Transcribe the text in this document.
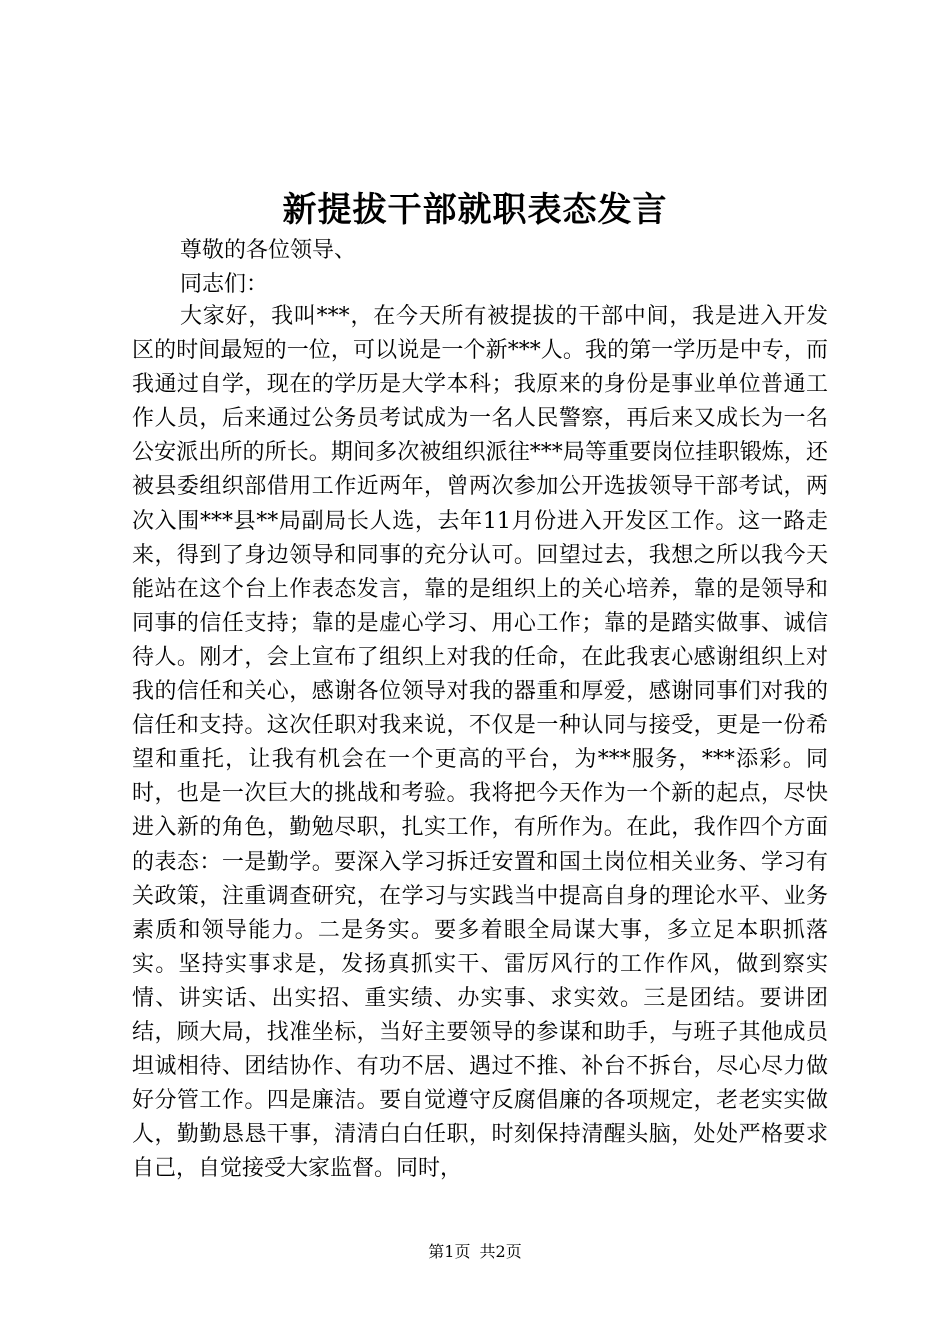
新提拔干部就职表态发言
尊敬的各位领导、
同志们：
大家好，我叫***，在今天所有被提拔的干部中间，我是进入开发区的时间最短的一位，可以说是一个新***人。我的第一学历是中专，而我通过自学，现在的学历是大学本科；我原来的身份是事业单位普通工作人员，后来通过公务员考试成为一名人民警察，再后来又成长为一名公安派出所的所长。期间多次被组织派往***局等重要岗位挂职锻炼，还被县委组织部借用工作近两年，曾两次参加公开选拔领导干部考试，两次入围***县**局副局长人选，去年11月份进入开发区工作。这一路走来，得到了身边领导和同事的充分认可。回望过去，我想之所以我今天能站在这个台上作表态发言，靠的是组织上的关心培养，靠的是领导和同事的信任支持；靠的是虚心学习、用心工作；靠的是踏实做事、诚信待人。刚才，会上宣布了组织上对我的任命，在此我衷心感谢组织上对我的信任和关心，感谢各位领导对我的器重和厚爱，感谢同事们对我的信任和支持。这次任职对我来说，不仅是一种认同与接受，更是一份希望和重托，让我有机会在一个更高的平台，为***服务，***添彩。同时，也是一次巨大的挑战和考验。我将把今天作为一个新的起点，尽快进入新的角色，勤勉尽职，扎实工作，有所作为。在此，我作四个方面的表态：一是勤学。要深入学习拆迁安置和国土岗位相关业务、学习有关政策，注重调查研究，在学习与实践当中提高自身的理论水平、业务素质和领导能力。二是务实。要多着眼全局谋大事，多立足本职抓落实。坚持实事求是，发扬真抓实干、雷厉风行的工作作风，做到察实情、讲实话、出实招、重实绩、办实事、求实效。三是团结。要讲团结，顾大局，找准坐标，当好主要领导的参谋和助手，与班子其他成员坦诚相待、团结协作、有功不居、遇过不推、补台不拆台，尽心尽力做好分管工作。四是廉洁。要自觉遵守反腐倡廉的各项规定，老老实实做人，勤勤恳恳干事，清清白白任职，时刻保持清醒头脑，处处严格要求自己，自觉接受大家监督。同时，
第1页 共2页
